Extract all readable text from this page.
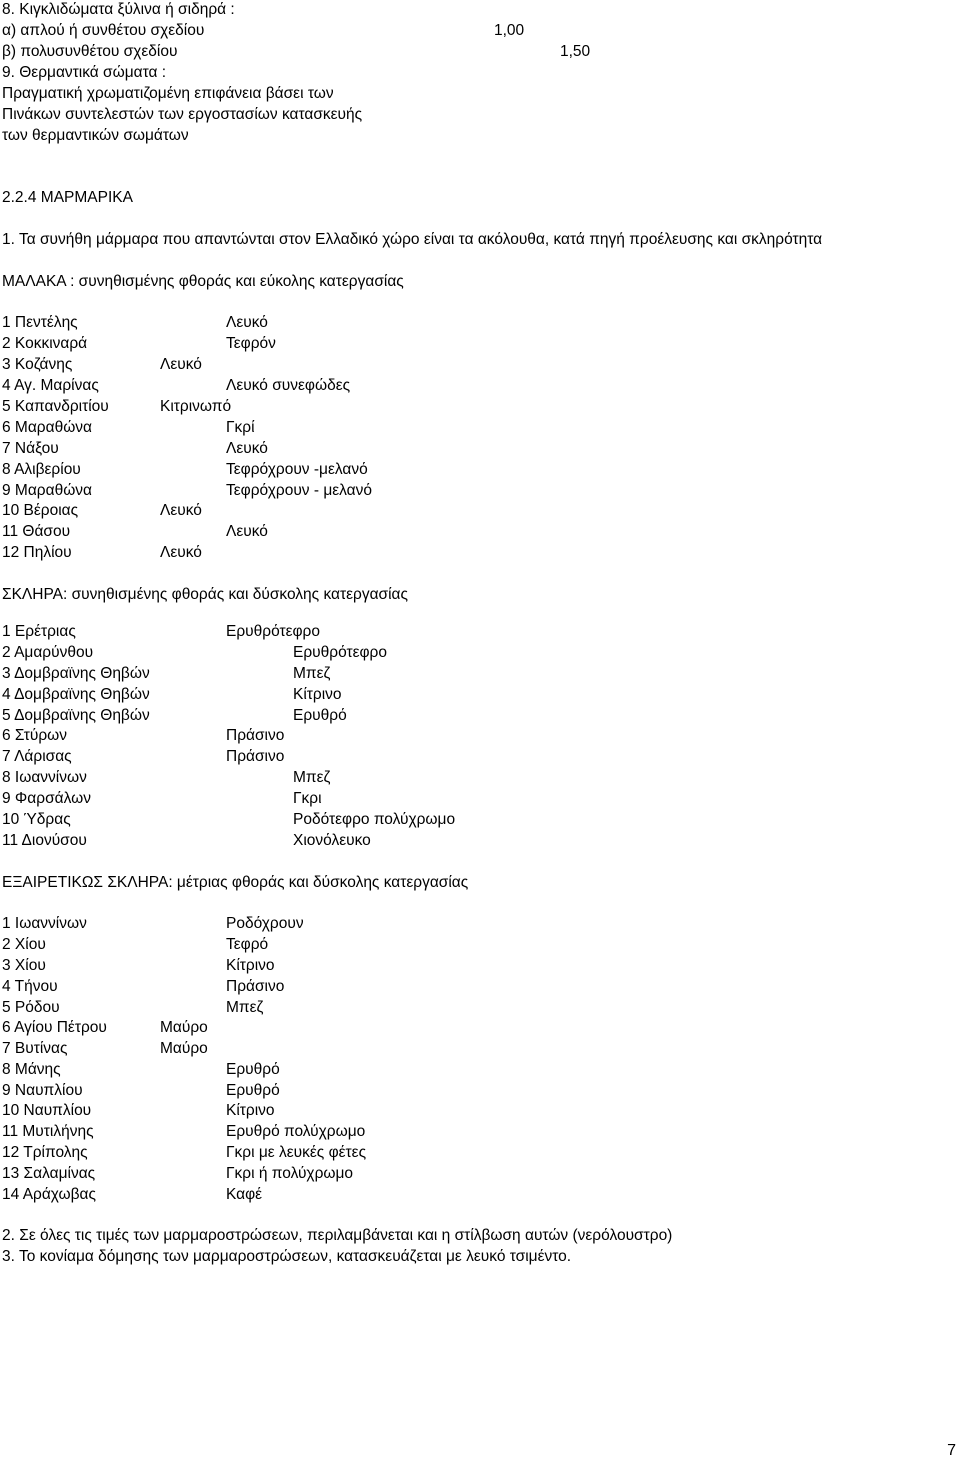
8. Κιγκλιδώματα ξύλινα ή σιδηρά :
α) απλού ή συνθέτου σχεδίου	1,00
β) πολυσυνθέτου σχεδίου	1,50
9. Θερμαντικά σώματα :
Πραγματική χρωματιζομένη επιφάνεια βάσει των
Πινάκων συντελεστών των εργοστασίων κατασκευής
των θερμαντικών σωμάτων
2.2.4 ΜΑΡΜΑΡΙΚΑ
1. Τα συνήθη μάρμαρα που απαντώνται στον Ελλαδικό χώρο είναι τα ακόλουθα, κατά πηγή προέλευσης και σκληρότητα
ΜΑΛΑΚΑ : συνηθισμένης φθοράς και εύκολης κατεργασίας
1 Πεντέλης	Λευκό
2 Κοκκιναρά	Τεφρόν
3 Κοζάνης	Λευκό
4 Αγ. Μαρίνας	Λευκό συνεφώδες
5 Καπανδριτίου	Κιτρινωπό
6 Μαραθώνα	Γκρί
7 Νάξου	Λευκό
8 Αλιβερίου	Τεφρόχρουν -μελανό
9 Μαραθώνα	Τεφρόχρουν - μελανό
10 Βέροιας	Λευκό
11 Θάσου	Λευκό
12 Πηλίου	Λευκό
ΣΚΛΗΡΑ: συνηθισμένης φθοράς και δύσκολης κατεργασίας
1 Ερέτριας	Ερυθρότεφρο
2 Αμαρύνθου	Ερυθρότεφρο
3 Δομβραϊνης Θηβών	Μπεζ
4 Δομβραϊνης Θηβών	Κίτρινο
5 Δομβραϊνης Θηβών	Ερυθρό
6 Στύρων	Πράσινο
7 Λάρισας	Πράσινο
8 Ιωαννίνων	Μπεζ
9 Φαρσάλων	Γκρι
10 Ύδρας	Ροδότεφρο πολύχρωμο
11 Διονύσου	Χιονόλευκο
ΕΞΑΙΡΕΤΙΚΩΣ ΣΚΛΗΡΑ: μέτριας φθοράς και δύσκολης κατεργασίας
1 Ιωαννίνων	Ροδόχρουν
2 Χίου	Τεφρό
3 Χίου	Κίτρινο
4 Τήνου	Πράσινο
5 Ρόδου	Μπεζ
6 Αγίου Πέτρου	Μαύρο
7 Βυτίνας	Μαύρο
8 Μάνης	Ερυθρό
9 Ναυπλίου	Ερυθρό
10 Ναυπλίου	Κίτρινο
11 Μυτιλήνης	Ερυθρό πολύχρωμο
12 Τρίπολης	Γκρι με λευκές φέτες
13 Σαλαμίνας	Γκρι ή πολύχρωμο
14 Αράχωβας	Καφέ
2. Σε όλες τις τιμές των μαρμαροστρώσεων, περιλαμβάνεται και η στίλβωση αυτών (νερόλουστρο)
3. Το κονίαμα δόμησης των μαρμαροστρώσεων, κατασκευάζεται με λευκό τσιμέντο.
7
